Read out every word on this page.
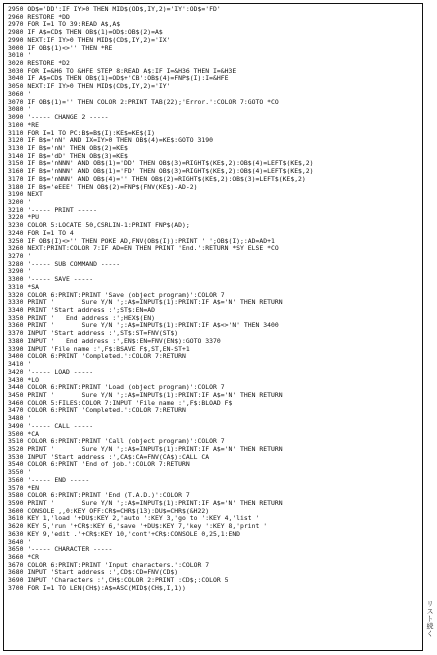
2950 OD$='DD':IF IY>0 THEN MID$(OD$,IY,2)='IY':OD$='FD'
2960 RESTORE *DD
2970 FOR I=1 TO 39:READ A$,A$
2980 IF A$=CD$ THEN OB$(1)=OD$:OB$(2)=A$
2990 NEXT:IF IY>0 THEN MID$(CD$,IY,2)='IX'
3000 IF OB$(1)<>'' THEN *RE
3010 '
3020 RESTORE *D2
3030 FOR I=&H6 TO &HFE STEP 8:READ A$:IF I=&H36 THEN I=&H3E
3040 IF A$=CD$ THEN OB$(1)=OD$+'CB':OB$(4)=FNP$(I):I=&HFE
3050 NEXT:IF IY>0 THEN MID$(CD$,IY,2)='IY'
3060 '
3070 IF OB$(1)='' THEN COLOR 2:PRINT TAB(22);'Error.':COLOR 7:GOTO *CO
3080 '
3090 '----- CHANGE 2 -----
3100 *RE
3110 FOR I=1 TO PC:B$=B$(I):KE$=KE$(I)
3120 IF B$='nN' AND IX=IY>0 THEN OB$(4)=KE$:GOTO 3190
3130 IF B$='nN' THEN OB$(2)=KE$
3140 IF B$='dD' THEN OB$(3)=KE$
3150 IF B$='nNNN' AND OB$(1)='DD' THEN OB$(3)=RIGHT$(KE$,2):OB$(4)=LEFT$(KE$,2)
3160 IF B$='nNNN' AND OB$(1)='FD' THEN OB$(3)=RIGHT$(KE$,2):OB$(4)=LEFT$(KE$,2)
3170 IF B$='nNNN' AND OB$(4)='' THEN OB$(2)=RIGHT$(KE$,2):OB$(3)=LEFT$(KE$,2)
3180 IF B$='eEEE' THEN OB$(2)=FNP$(FNV(KE$)-AD-2)
3190 NEXT
3200 '
3210 '----- PRINT -----
3220 *PU
3230 COLOR 5:LOCATE 50,CSRLIN-1:PRINT FNP$(AD);
3240 FOR I=1 TO 4
3250 IF OB$(I)<>'' THEN POKE AD,FNV(OB$(I)):PRINT ' ';OB$(I);:AD=AD+1
3260 NEXT:PRINT:COLOR 7:IF AD=EN THEN PRINT 'End.':RETURN *SY ELSE *CO
3270 '
3280 '----- SUB COMMAND -----
3290 '
3300 '----- SAVE -----
3310 *SA
3320 COLOR 6:PRINT:PRINT 'Save (object program)':COLOR 7
3330 PRINT '       Sure Y/N ';:A$=INPUT$(1):PRINT:IF A$='N' THEN RETURN
3340 PRINT 'Start address :';ST$:EN=AD
3350 PRINT '   End address :';HEX$(EN)
3360 PRINT '       Sure Y/N ';:A$=INPUT$(1):PRINT:IF A$<>'N' THEN 3400
3370 INPUT 'Start address :',ST$:ST=FNV(ST$)
3380 INPUT '   End address :',EN$:EN=FNV(EN$):GOTO 3370
3390 INPUT 'File name :',F$:BSAVE F$,ST,EN-ST+1
3400 COLOR 6:PRINT 'Completed.':COLOR 7:RETURN
3410 '
3420 '----- LOAD -----
3430 *LO
3440 COLOR 6:PRINT:PRINT 'Load (object program)':COLOR 7
3450 PRINT '       Sure Y/N ';:A$=INPUT$(1):PRINT:IF A$='N' THEN RETURN
3460 COLOR 5:FILES:COLOR 7:INPUT 'File name :',F$:BLOAD F$
3470 COLOR 6:PRINT 'Completed.':COLOR 7:RETURN
3480 '
3490 '----- CALL -----
3500 *CA
3510 COLOR 6:PRINT:PRINT 'Call (object program)':COLOR 7
3520 PRINT '       Sure Y/N ';:A$=INPUT$(1):PRINT:IF A$='N' THEN RETURN
3530 INPUT 'Start address :',CA$:CA=FNV(CA$):CALL CA
3540 COLOR 6:PRINT 'End of job.':COLOR 7:RETURN
3550 '
3560 '----- END -----
3570 *EN
3580 COLOR 6:PRINT:PRINT 'End (T.A.D.)':COLOR 7
3590 PRINT '       Sure Y/N ';:A$=INPUT$(1):PRINT:IF A$='N' THEN RETURN
3600 CONSOLE ,,0:KEY OFF:CR$=CHR$(13):DU$=CHR$(&H22)
3610 KEY 1,'load '+DU$:KEY 2,'auto ':KEY 3,'go to ':KEY 4,'list '
3620 KEY 5,'run '+CR$:KEY 6,'save '+DU$:KEY 7,'key ':KEY 8,'print '
3630 KEY 9,'edit .'+CR$:KEY 10,'cont'+CR$:CONSOLE 0,25,1:END
3640 '
3650 '----- CHARACTER -----
3660 *CR
3670 COLOR 6:PRINT:PRINT 'Input characters.':COLOR 7
3680 INPUT 'Start address :',CD$:CD=FNV(CD$)
3690 INPUT 'Characters :',CH$:COLOR 2:PRINT :CD$;:COLOR 5
3700 FOR I=1 TO LEN(CH$):A$=ASC(MID$(CH$,I,1))
リスト続く
